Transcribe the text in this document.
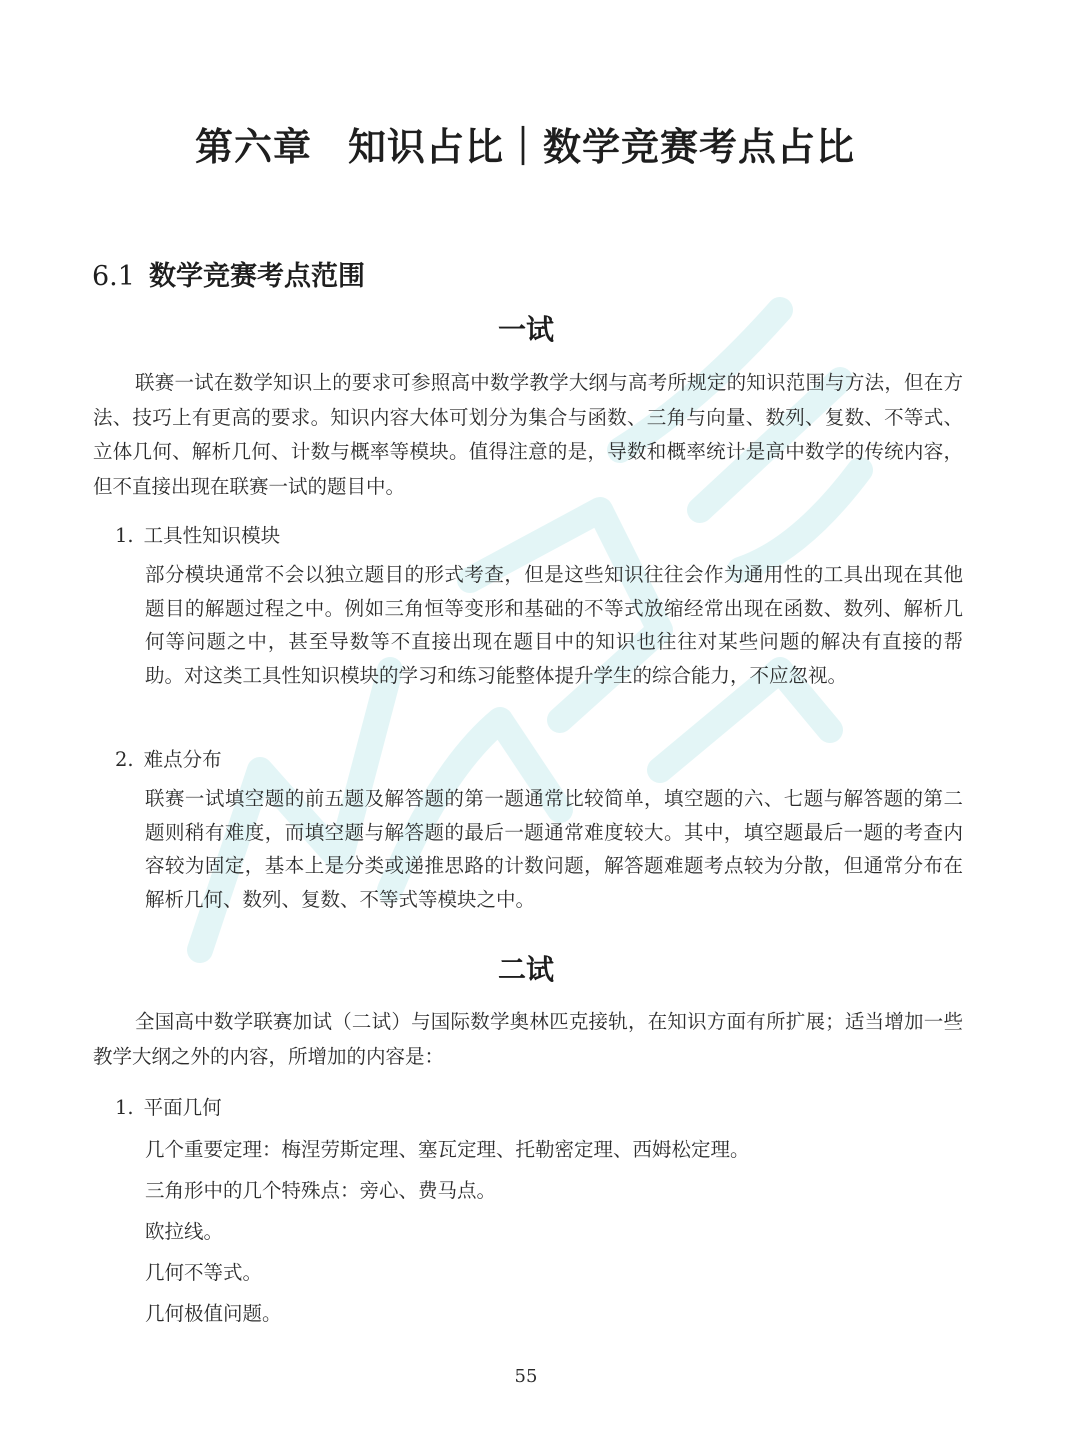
第六章 知识占比｜数学竞赛考点占比
6.1 数学竞赛考点范围
一试

联赛一试在数学知识上的要求可参照高中数学教学大纲与高考所规定的知识范围与方法，但在方法、技巧上有更高的要求。知识内容大体可划分为集合与函数、三角与向量、数列、复数、不等式、立体几何、解析几何、计数与概率等模块。值得注意的是，导数和概率统计是高中数学的传统内容，但不直接出现在联赛一试的题目中。

1. 工具性知识模块

部分模块通常不会以独立题目的形式考查，但是这些知识往往会作为通用性的工具出现在其他题目的解题过程之中。例如三角恒等变形和基础的不等式放缩经常出现在函数、数列、解析几何等问题之中，甚至导数等不直接出现在题目中的知识也往往对某些问题的解决有直接的帮助。对这类工具性知识模块的学习和练习能整体提升学生的综合能力，不应忽视。

2. 难点分布

联赛一试填空题的前五题及解答题的第一题通常比较简单，填空题的六、七题与解答题的第二题则稍有难度，而填空题与解答题的最后一题通常难度较大。其中，填空题最后一题的考查内容较为固定，基本上是分类或递推思路的计数问题，解答题难题考点较为分散，但通常分布在解析几何、数列、复数、不等式等模块之中。

二试

全国高中数学联赛加试（二试）与国际数学奥林匹克接轨，在知识方面有所扩展；适当增加一些教学大纲之外的内容，所增加的内容是：

1. 平面几何

几个重要定理：梅涅劳斯定理、塞瓦定理、托勒密定理、西姆松定理。

三角形中的几个特殊点：旁心、费马点。

欧拉线。

几何不等式。

几何极值问题。

55
